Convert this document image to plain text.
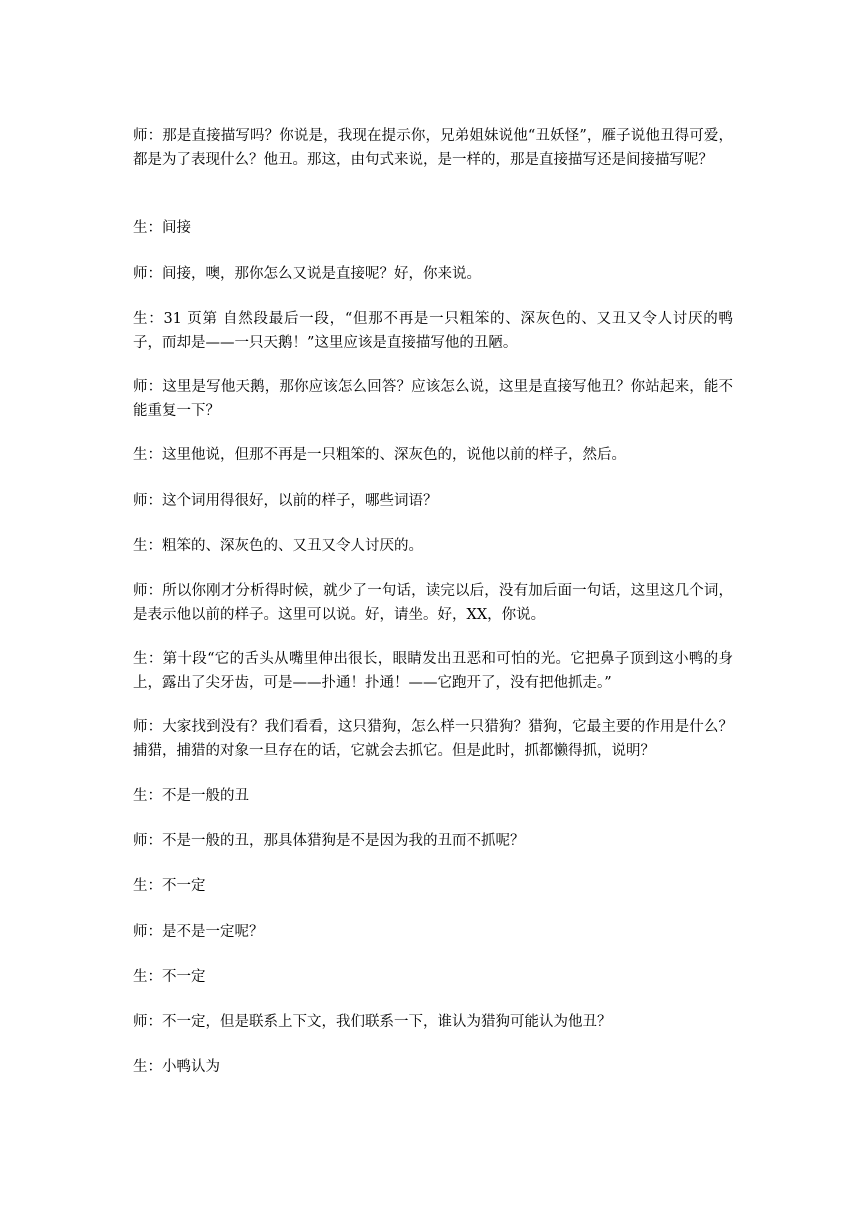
师：那是直接描写吗？你说是，我现在提示你，兄弟姐妹说他“丑妖怪”，雁子说他丑得可爱，都是为了表现什么？他丑。那这，由句式来说，是一样的，那是直接描写还是间接描写呢？

生：间接

师：间接，噢，那你怎么又说是直接呢？好，你来说。

生：31 页第 自然段最后一段，“但那不再是一只粗笨的、深灰色的、又丑又令人讨厌的鸭子，而却是——一只天鹅！”这里应该是直接描写他的丑陋。

师：这里是写他天鹅，那你应该怎么回答？应该怎么说，这里是直接写他丑？你站起来，能不能重复一下？

生：这里他说，但那不再是一只粗笨的、深灰色的，说他以前的样子，然后。

师：这个词用得很好，以前的样子，哪些词语？

生：粗笨的、深灰色的、又丑又令人讨厌的。

师：所以你刚才分析得时候，就少了一句话，读完以后，没有加后面一句话，这里这几个词，是表示他以前的样子。这里可以说。好，请坐。好，XX，你说。

生：第十段“它的舌头从嘴里伸出很长，眼睛发出丑恶和可怕的光。它把鼻子顶到这小鸭的身上，露出了尖牙齿，可是——扑通！扑通！——它跑开了，没有把他抓走。”

师：大家找到没有？我们看看，这只猎狗，怎么样一只猎狗？猎狗，它最主要的作用是什么？捕猎，捕猎的对象一旦存在的话，它就会去抓它。但是此时，抓都懒得抓，说明？

生：不是一般的丑

师：不是一般的丑，那具体猎狗是不是因为我的丑而不抓呢？

生：不一定

师：是不是一定呢？

生：不一定

师：不一定，但是联系上下文，我们联系一下，谁认为猎狗可能认为他丑？

生：小鸭认为
